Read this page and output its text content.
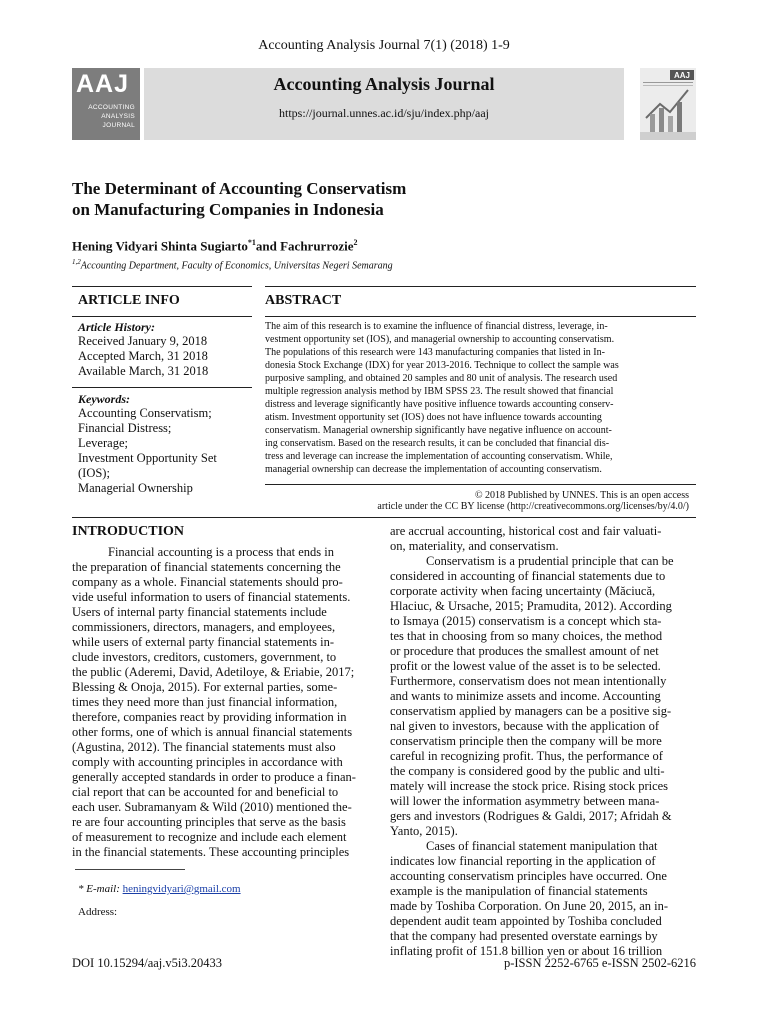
Accounting Analysis Journal 7(1) (2018) 1-9
AAJ
ACCOUNTING
ANALYSIS
JOURNAL
Accounting Analysis Journal
https://journal.unnes.ac.id/sju/index.php/aaj
AAJ
The Determinant of Accounting Conservatism
on Manufacturing Companies in Indonesia
Hening Vidyari Shinta Sugiarto$^{*1}$and Fachrurrozie$^2$
$^{1,2}$Accounting Department, Faculty of Economics, Universitas Negeri Semarang
ARTICLE INFO	ABSTRACT
Article History:
Received January 9, 2018
Accepted March, 31 2018
Available March, 31 2018
Keywords:
Accounting Conservatism;
Financial Distress;
Leverage;
Investment Opportunity Set
(IOS);
Managerial Ownership
The aim of this research is to examine the influence of financial distress, leverage, in-
vestment opportunity set (IOS), and managerial ownership to accounting conservatism.
The populations of this research were 143 manufacturing companies that listed in In-
donesia Stock Exchange (IDX) for year 2013-2016. Technique to collect the sample was
purposive sampling, and obtained 20 samples and 80 unit of analysis. The research used
multiple regression analysis method by IBM SPSS 23. The result showed that financial
distress and leverage significantly have positive influence towards accounting conserv-
atism. Investment opportunity set (IOS) does not have influence towards accounting
conservatism. Managerial ownership significantly have negative influence on account-
ing conservatism. Based on the research results, it can be concluded that financial dis-
tress and leverage can increase the implementation of accounting conservatism. While,
managerial ownership can decrease the implementation of accounting conservatism.
© 2018 Published by UNNES. This is an open access
article under the CC BY license (http://creativecommons.org/licenses/by/4.0/)
INTRODUCTION
Financial accounting is a process that ends in
the preparation of financial statements concerning the
company as a whole. Financial statements should pro-
vide useful information to users of financial statements.
Users of internal party financial statements include
commissioners, directors, managers, and employees,
while users of external party financial statements in-
clude investors, creditors, customers, government, to
the public (Aderemi, David, Adetiloye, & Eriabie, 2017;
Blessing & Onoja, 2015). For external parties, some-
times they need more than just financial information,
therefore, companies react by providing information in
other forms, one of which is annual financial statements
(Agustina, 2012). The financial statements must also
comply with accounting principles in accordance with
generally accepted standards in order to produce a finan-
cial report that can be accounted for and beneficial to
each user. Subramanyam & Wild (2010) mentioned the-
re are four accounting principles that serve as the basis
of measurement to recognize and include each element
in the financial statements. These accounting principles
* E-mail: heningvidyari@gmail.com
Address:
are accrual accounting, historical cost and fair valuati-
on, materiality, and conservatism.
Conservatism is a prudential principle that can be
considered in accounting of financial statements due to
corporate activity when facing uncertainty (Măciucă,
Hlaciuc, & Ursache, 2015; Pramudita, 2012). According
to Ismaya (2015) conservatism is a concept which sta-
tes that in choosing from so many choices, the method
or procedure that produces the smallest amount of net
profit or the lowest value of the asset is to be selected.
Furthermore, conservatism does not mean intentionally
and wants to minimize assets and income. Accounting
conservatism applied by managers can be a positive sig-
nal given to investors, because with the application of
conservatism principle then the company will be more
careful in recognizing profit. Thus, the performance of
the company is considered good by the public and ulti-
mately will increase the stock price. Rising stock prices
will lower the information asymmetry between mana-
gers and investors (Rodrigues & Galdi, 2017; Afridah &
Yanto, 2015).
Cases of financial statement manipulation that
indicates low financial reporting in the application of
accounting conservatism principles have occurred. One
example is the manipulation of financial statements
made by Toshiba Corporation. On June 20, 2015, an in-
dependent audit team appointed by Toshiba concluded
that the company had presented overstate earnings by
inflating profit of 151.8 billion yen or about 16 trillion
DOI 10.15294/aaj.v5i3.20433	p-ISSN 2252-6765 e-ISSN 2502-6216
